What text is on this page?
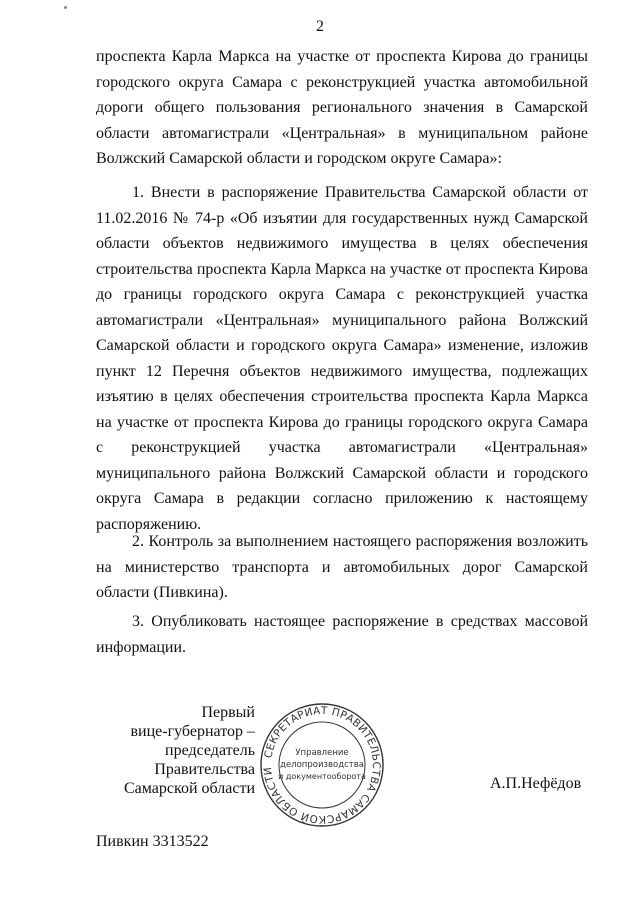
2
проспекта Карла Маркса на участке от проспекта Кирова до границы городского округа Самара с реконструкцией участка автомобильной дороги общего пользования регионального значения в Самарской области автомагистрали «Центральная» в муниципальном районе Волжский Самарской области и городском округе Самара»:
1. Внести в распоряжение Правительства Самарской области от 11.02.2016 № 74-р «Об изъятии для государственных нужд Самарской области объектов недвижимого имущества в целях обеспечения строительства проспекта Карла Маркса на участке от проспекта Кирова до границы городского округа Самара с реконструкцией участка автомагистрали «Центральная» муниципального района Волжский Самарской области и городского округа Самара» изменение, изложив пункт 12 Перечня объектов недвижимого имущества, подлежащих изъятию в целях обеспечения строительства проспекта Карла Маркса на участке от проспекта Кирова до границы городского округа Самара с реконструкцией участка автомагистрали «Центральная» муниципального района Волжский Самарской области и городского округа Самара в редакции согласно приложению к настоящему распоряжению.
2. Контроль за выполнением настоящего распоряжения возложить на министерство транспорта и автомобильных дорог Самарской области (Пивкина).
3. Опубликовать настоящее распоряжение в средствах массовой информации.
Первый
вице-губернатор –
председатель Правительства
Самарской области
СЕКРЕТАРИАТ ПРАВИТЕЛЬСТВА САМАРСКОЙ ОБЛАСТИ
Управление
делопроизводства
и документооборота	А.П.Нефёдов
Пивкин 3313522
